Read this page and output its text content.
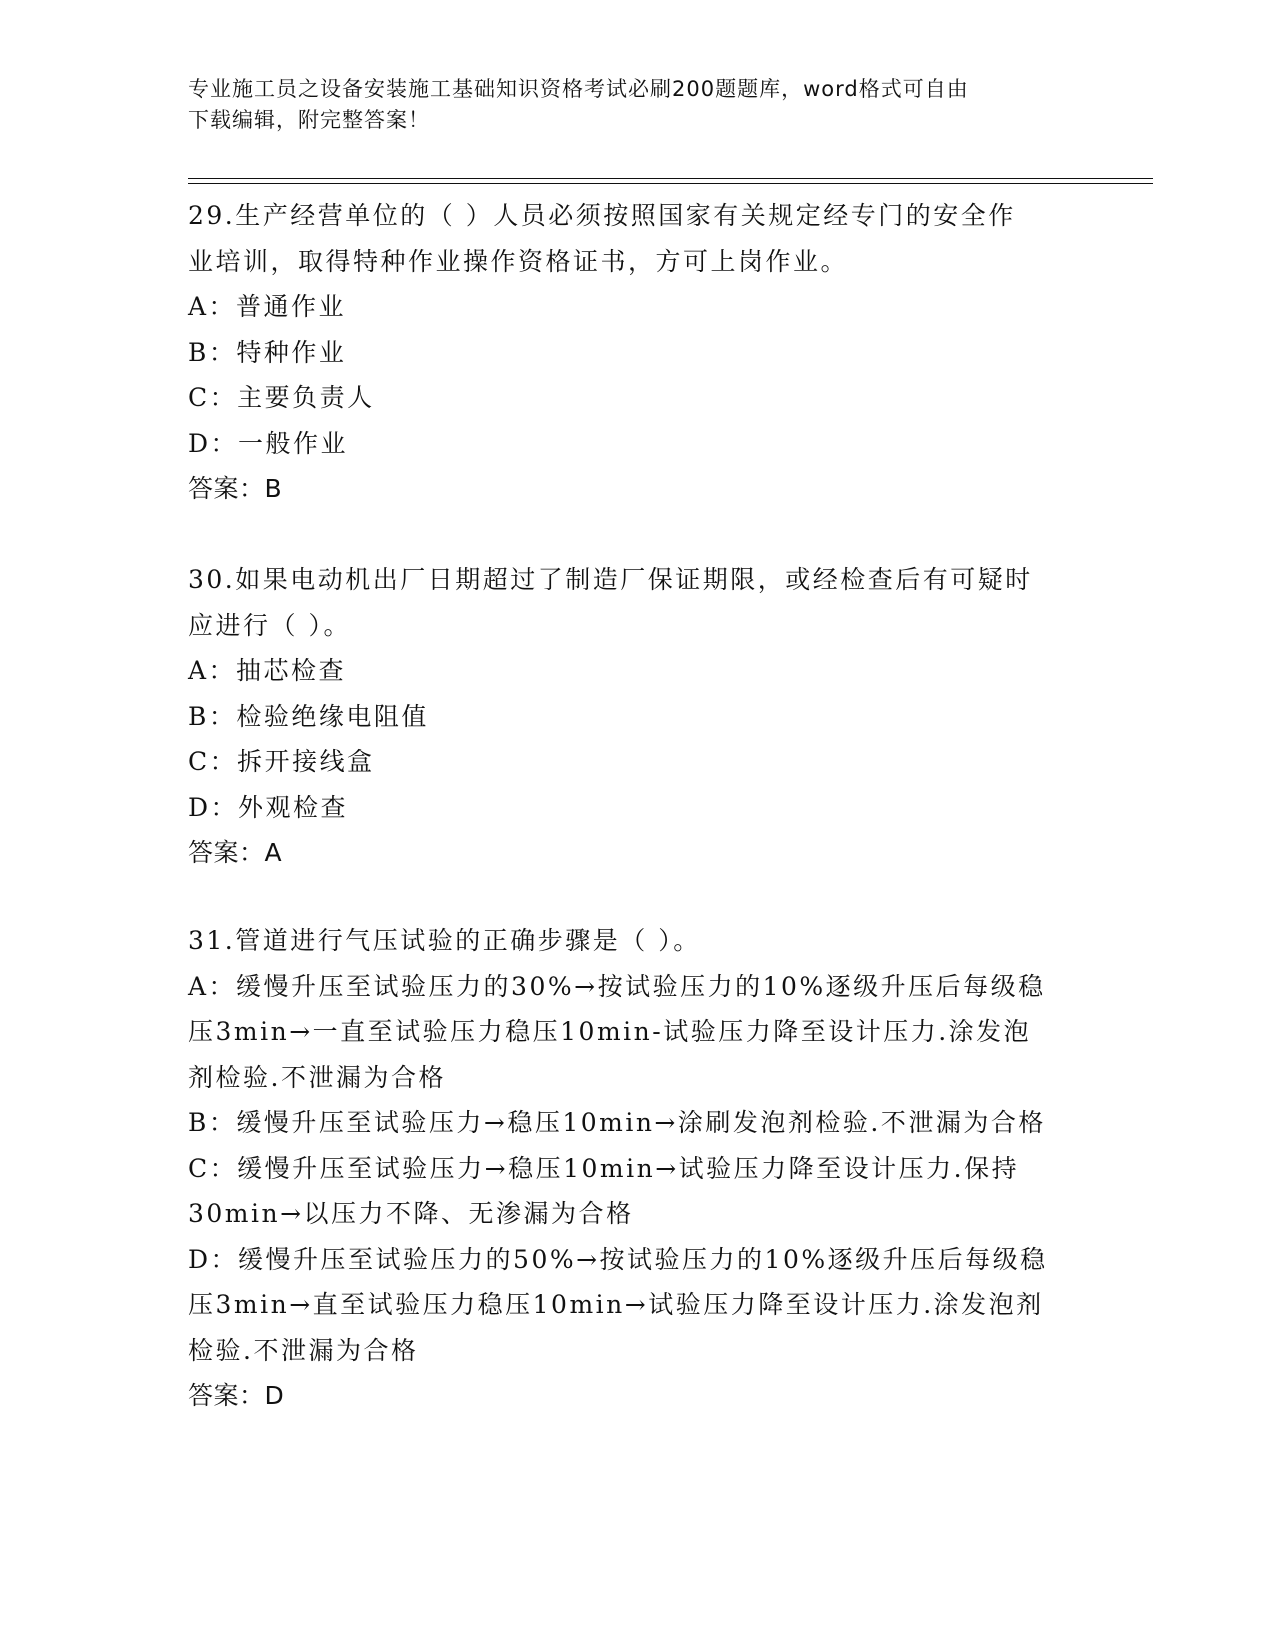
专业施工员之设备安装施工基础知识资格考试必刷200题题库，word格式可自由
下载编辑，附完整答案！
29.生产经营单位的（ ）人员必须按照国家有关规定经专门的安全作
业培训，取得特种作业操作资格证书，方可上岗作业。
A：普通作业
B：特种作业
C：主要负责人
D：一般作业
答案：B
30.如果电动机出厂日期超过了制造厂保证期限，或经检查后有可疑时
应进行（ ）。
A：抽芯检查
B：检验绝缘电阻值
C：拆开接线盒
D：外观检查
答案：A
31.管道进行气压试验的正确步骤是（ ）。
A：缓慢升压至试验压力的30%→按试验压力的10%逐级升压后每级稳
压3min→一直至试验压力稳压10min-试验压力降至设计压力.涂发泡
剂检验.不泄漏为合格
B：缓慢升压至试验压力→稳压10min→涂刷发泡剂检验.不泄漏为合格
C：缓慢升压至试验压力→稳压10min→试验压力降至设计压力.保持
30min→以压力不降、无渗漏为合格
D：缓慢升压至试验压力的50%→按试验压力的10%逐级升压后每级稳
压3min→直至试验压力稳压10min→试验压力降至设计压力.涂发泡剂
检验.不泄漏为合格
答案：D
